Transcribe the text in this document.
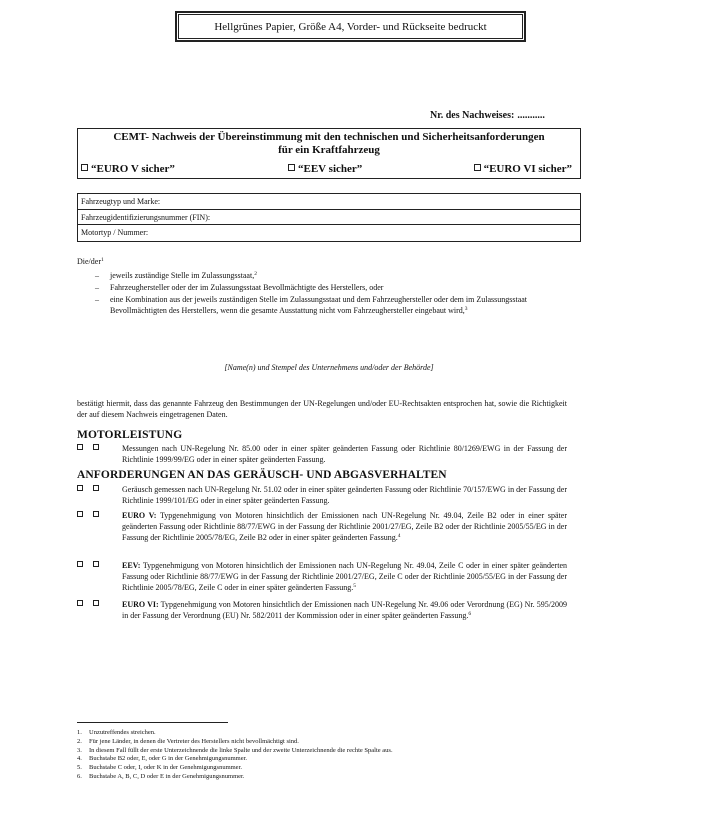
Hellgrünes Papier, Größe A4, Vorder- und Rückseite bedruckt
Nr. des Nachweises: ...........
CEMT- Nachweis der Übereinstimmung mit den technischen und Sicherheitsanforderungen
für ein Kraftfahrzeug
“EURO V sicher”	“EEV sicher”	“EURO VI sicher”
Fahrzeugtyp und Marke:
Fahrzeugidentifizierungsnummer (FIN):
Motortyp / Nummer:
Die/der$^1$
– jeweils zuständige Stelle im Zulassungsstaat,$^2$
– Fahrzeughersteller oder der im Zulassungsstaat Bevollmächtigte des Herstellers, oder
– eine Kombination aus der jeweils zuständigen Stelle im Zulassungsstaat und dem Fahrzeughersteller oder dem im Zulassungsstaat Bevollmächtigten des Herstellers, wenn die gesamte Ausstattung nicht vom Fahrzeughersteller eingebaut wird,$^3$
[Name(n) und Stempel des Unternehmens und/oder der Behörde]
bestätigt hiermit, dass das genannte Fahrzeug den Bestimmungen der UN-Regelungen und/oder EU-Rechtsakten entsprochen hat, sowie die Richtigkeit der auf diesem Nachweis eingetragenen Daten.
MOTORLEISTUNG
Messungen nach UN-Regelung Nr. 85.00 oder in einer später geänderten Fassung oder Richtlinie 80/1269/EWG in der Fassung der Richtlinie 1999/99/EG oder in einer später geänderten Fassung.
ANFORDERUNGEN AN DAS GERÄUSCH- UND ABGASVERHALTEN
Geräusch gemessen nach UN-Regelung Nr. 51.02 oder in einer später geänderten Fassung oder Richtlinie 70/157/EWG in der Fassung der Richtlinie 1999/101/EG oder in einer später geänderten Fassung.
EURO V: Typgenehmigung von Motoren hinsichtlich der Emissionen nach UN-Regelung Nr. 49.04, Zeile B2 oder in einer später geänderten Fassung oder Richtlinie 88/77/EWG in der Fassung der Richtlinie 2001/27/EG, Zeile B2 oder der Richtlinie 2005/55/EG in der Fassung der Richtlinie 2005/78/EG, Zeile B2 oder in einer später geänderten Fassung.$^4$
EEV: Typgenehmigung von Motoren hinsichtlich der Emissionen nach UN-Regelung Nr. 49.04, Zeile C oder in einer später geänderten Fassung oder Richtlinie 88/77/EWG in der Fassung der Richtlinie 2001/27/EG, Zeile C oder der Richtlinie 2005/55/EG in der Fassung der Richtlinie 2005/78/EG, Zeile C oder in einer später geänderten Fassung.$^5$
EURO VI: Typgenehmigung von Motoren hinsichtlich der Emissionen nach UN-Regelung Nr. 49.06 oder Verordnung (EG) Nr. 595/2009 in der Fassung der Verordnung (EU) Nr. 582/2011 der Kommission oder in einer später geänderten Fassung.$^6$
1. Unzutreffendes streichen.
2. Für jene Länder, in denen die Vertreter des Herstellers nicht bevollmächtigt sind.
3. In diesem Fall füllt der erste Unterzeichnende die linke Spalte und der zweite Unterzeichnende die rechte Spalte aus.
4. Buchstabe B2 oder, E, oder G in der Genehmigungsnummer.
5. Buchstabe C oder, I, oder K in der Genehmigungsnummer.
6. Buchstabe A, B, C, D oder E in der Genehmigungsnummer.
